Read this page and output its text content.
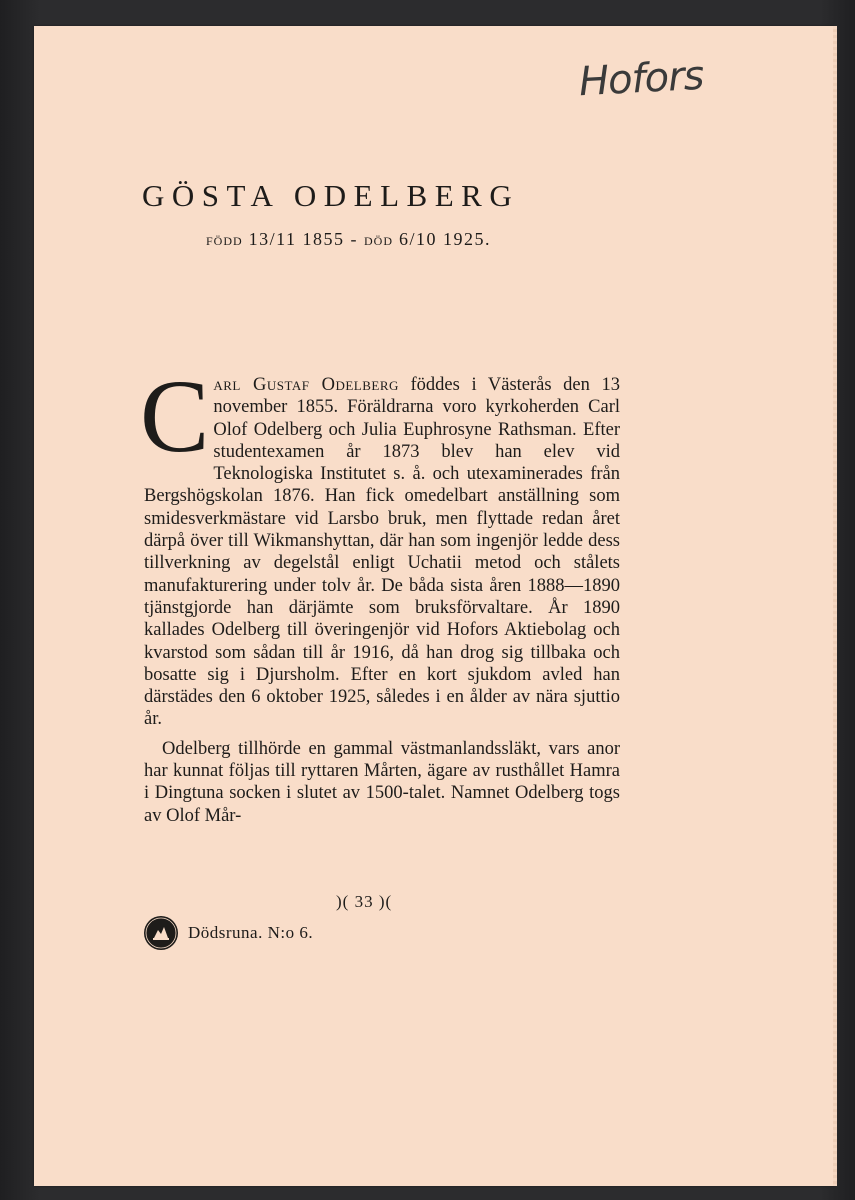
Hofors
GÖSTA ODELBERG
FÖDD 13/11 1855 - DÖD 6/10 1925.

Carl Gustaf Odelberg föddes i Västerås den 13 november 1855. Föräldrarna voro kyrkoherden Carl Olof Odelberg och Julia Euphrosyne Rathsman. Efter studentexamen år 1873 blev han elev vid Teknologiska Institutet s. å. och utexaminerades från Bergshögskolan 1876. Han fick omedelbart anställning som smidesverkmästare vid Larsbo bruk, men flyttade redan året därpå över till Wikmanshyttan, där han som ingenjör ledde dess tillverkning av degelstål enligt Uchatii metod och stålets manufakturering under tolv år. De båda sista åren 1888—1890 tjänstgjorde han därjämte som bruksförvaltare. År 1890 kallades Odelberg till överingenjör vid Hofors Aktiebolag och kvarstod som sådan till år 1916, då han drog sig tillbaka och bosatte sig i Djursholm. Efter en kort sjukdom avled han därstädes den 6 oktober 1925, således i en ålder av nära sjuttio år.

Odelberg tillhörde en gammal västmanlandssläkt, vars anor har kunnat följas till ryttaren Mårten, ägare av rusthållet Hamra i Dingtuna socken i slutet av 1500-talet. Namnet Odelberg togs av Olof Mår-

)( 33 )(
Dödsruna. N:o 6.
